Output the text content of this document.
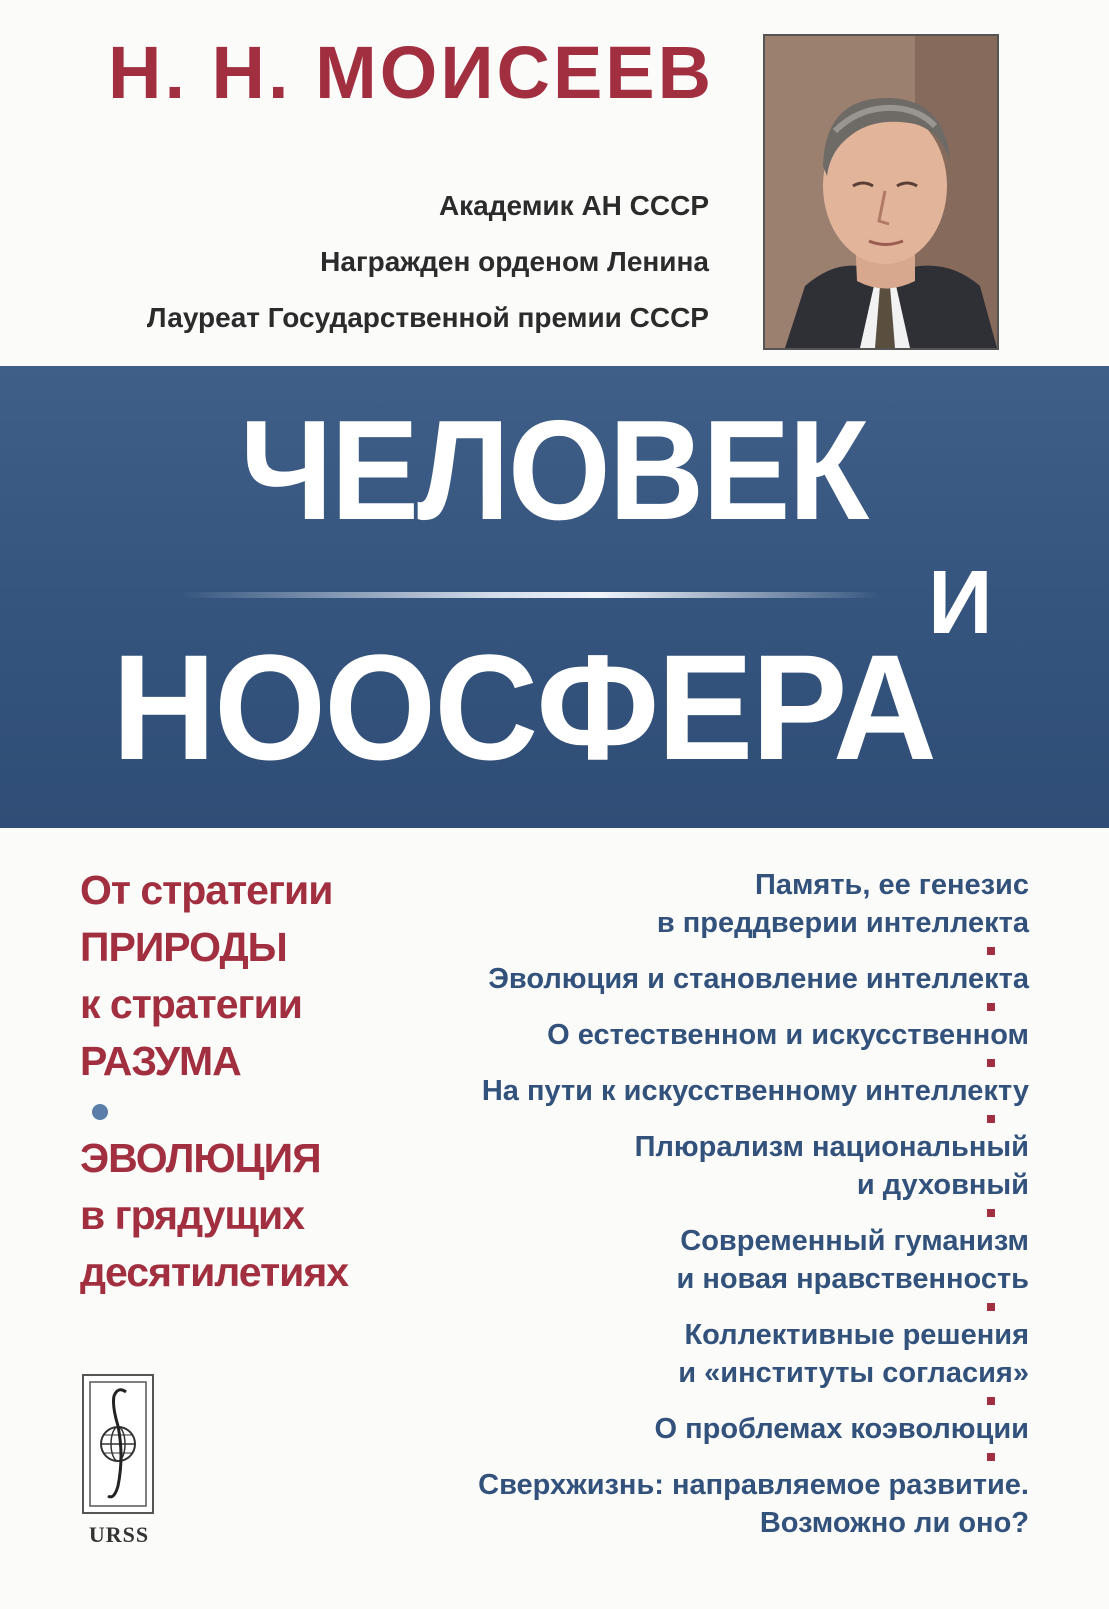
Н. Н. МОИСЕЕВ
Академик АН СССР
Награжден орденом Ленина
Лауреат Государственной премии СССР
ЧЕЛОВЕК
И
НООСФЕРА
От стратегии
ПРИРОДЫ
к стратегии
РАЗУМА
ЭВОЛЮЦИЯ
в грядущих
десятилетиях
Память, ее генезис
в преддверии интеллекта
Эволюция и становление интеллекта
О естественном и искусственном
На пути к искусственному интеллекту
Плюрализм национальный
и духовный
Современный гуманизм
и новая нравственность
Коллективные решения
и «институты согласия»
О проблемах коэволюции
Сверхжизнь: направляемое развитие.
Возможно ли оно?
URSS
